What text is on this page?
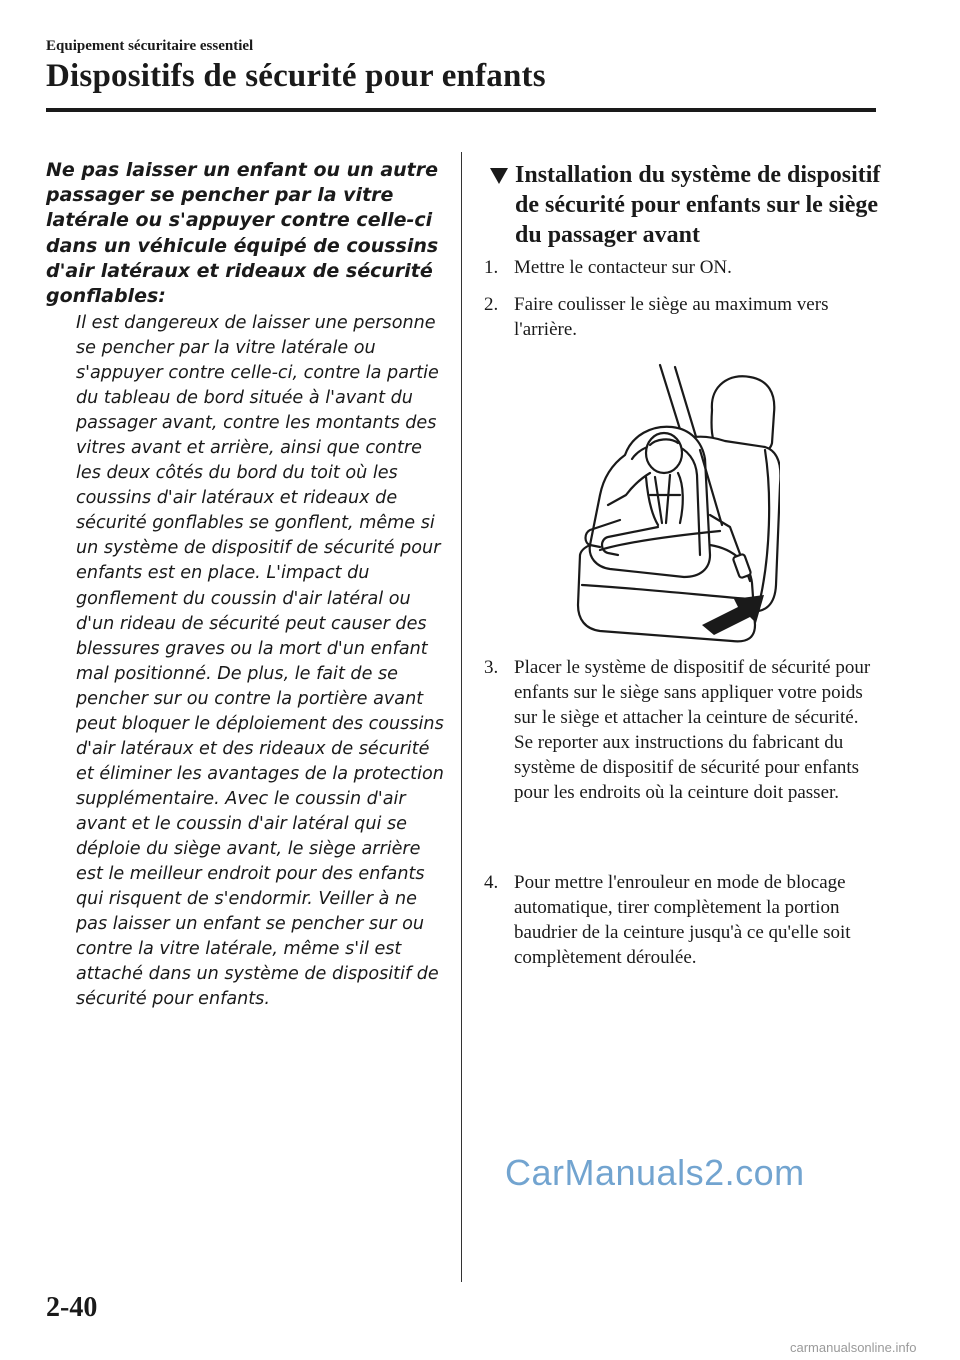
Equipement sécuritaire essentiel
Dispositifs de sécurité pour enfants
Ne pas laisser un enfant ou un autre passager se pencher par la vitre latérale ou s'appuyer contre celle-ci dans un véhicule équipé de coussins d'air latéraux et rideaux de sécurité gonflables:

Il est dangereux de laisser une personne se pencher par la vitre latérale ou s'appuyer contre celle-ci, contre la partie du tableau de bord située à l'avant du passager avant, contre les montants des vitres avant et arrière, ainsi que contre les deux côtés du bord du toit où les coussins d'air latéraux et rideaux de sécurité gonflables se gonflent, même si un système de dispositif de sécurité pour enfants est en place. L'impact du gonflement du coussin d'air latéral ou d'un rideau de sécurité peut causer des blessures graves ou la mort d'un enfant mal positionné. De plus, le fait de se pencher sur ou contre la portière avant peut bloquer le déploiement des coussins d'air latéraux et des rideaux de sécurité et éliminer les avantages de la protection supplémentaire. Avec le coussin d'air avant et le coussin d'air latéral qui se déploie du siège avant, le siège arrière est le meilleur endroit pour des enfants qui risquent de s'endormir. Veiller à ne pas laisser un enfant se pencher sur ou contre la vitre latérale, même s'il est attaché dans un système de dispositif de sécurité pour enfants.

Installation du système de dispositif de sécurité pour enfants sur le siège du passager avant
1. Mettre le contacteur sur ON.
2. Faire coulisser le siège au maximum vers l'arrière.
3. Placer le système de dispositif de sécurité pour enfants sur le siège sans appliquer votre poids sur le siège et attacher la ceinture de sécurité. Se reporter aux instructions du fabricant du système de dispositif de sécurité pour enfants pour les endroits où la ceinture doit passer.
4. Pour mettre l'enrouleur en mode de blocage automatique, tirer complètement la portion baudrier de la ceinture jusqu'à ce qu'elle soit complètement déroulée.
CarManuals2.com
2-40
carmanualsonline.info
